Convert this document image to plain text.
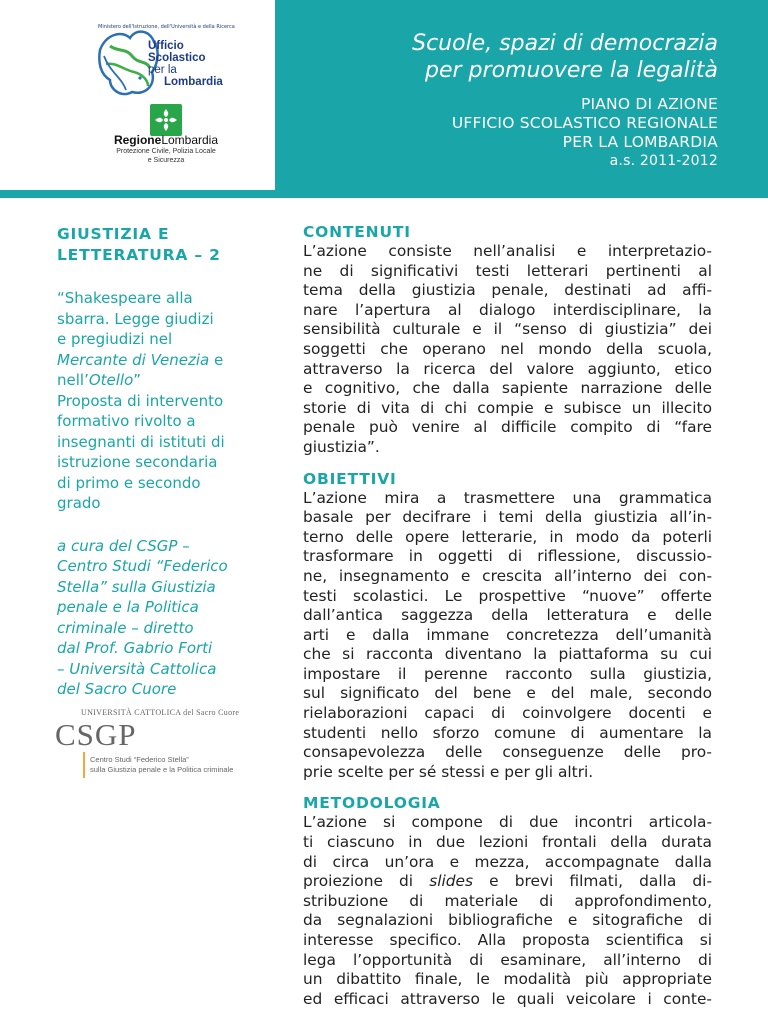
Ministero dell'Istruzione, dell'Università e della Ricerca
Ufficio
Scolastico
per la
Lombardia
RegioneLombardia
Protezione Civile, Polizia Locale
e Sicurezza
Scuole, spazi di democrazia
per promuovere la legalità
PIANO DI AZIONE
UFFICIO SCOLASTICO REGIONALE
PER LA LOMBARDIA
a.s. 2011-2012
GIUSTIZIA E
LETTERATURA – 2
“Shakespeare alla
sbarra. Legge giudizi
e pregiudizi nel
Mercante di Venezia e
nell’Otello”
Proposta di intervento
formativo rivolto a
insegnanti di istituti di
istruzione secondaria
di primo e secondo
grado
a cura del CSGP –
Centro Studi “Federico
Stella” sulla Giustizia
penale e la Politica
criminale – diretto
dal Prof. Gabrio Forti
– Università Cattolica
del Sacro Cuore
UNIVERSITÀ CATTOLICA del Sacro Cuore
CSGP
Centro Studi “Federico Stella”
sulla Giustizia penale e la Politica criminale
CONTENUTI
L’azione consiste nell’analisi e interpretazio-
ne di significativi testi letterari pertinenti al
tema della giustizia penale, destinati ad affi-
nare l’apertura al dialogo interdisciplinare, la
sensibilità culturale e il “senso di giustizia” dei
soggetti che operano nel mondo della scuola,
attraverso la ricerca del valore aggiunto, etico
e cognitivo, che dalla sapiente narrazione delle
storie di vita di chi compie e subisce un illecito
penale può venire al difficile compito di “fare
giustizia”.
OBIETTIVI
L’azione mira a trasmettere una grammatica
basale per decifrare i temi della giustizia all’in-
terno delle opere letterarie, in modo da poterli
trasformare in oggetti di riflessione, discussio-
ne, insegnamento e crescita all’interno dei con-
testi scolastici. Le prospettive “nuove” offerte
dall’antica saggezza della letteratura e delle
arti e dalla immane concretezza dell’umanità
che si racconta diventano la piattaforma su cui
impostare il perenne racconto sulla giustizia,
sul significato del bene e del male, secondo
rielaborazioni capaci di coinvolgere docenti e
studenti nello sforzo comune di aumentare la
consapevolezza delle conseguenze delle pro-
prie scelte per sé stessi e per gli altri.
METODOLOGIA
L’azione si compone di due incontri articola-
ti ciascuno in due lezioni frontali della durata
di circa un’ora e mezza, accompagnate dalla
proiezione di slides e brevi filmati, dalla di-
stribuzione di materiale di approfondimento,
da segnalazioni bibliografiche e sitografiche di
interesse specifico. Alla proposta scientifica si
lega l’opportunità di esaminare, all’interno di
un dibattito finale, le modalità più appropriate
ed efficaci attraverso le quali veicolare i conte-
